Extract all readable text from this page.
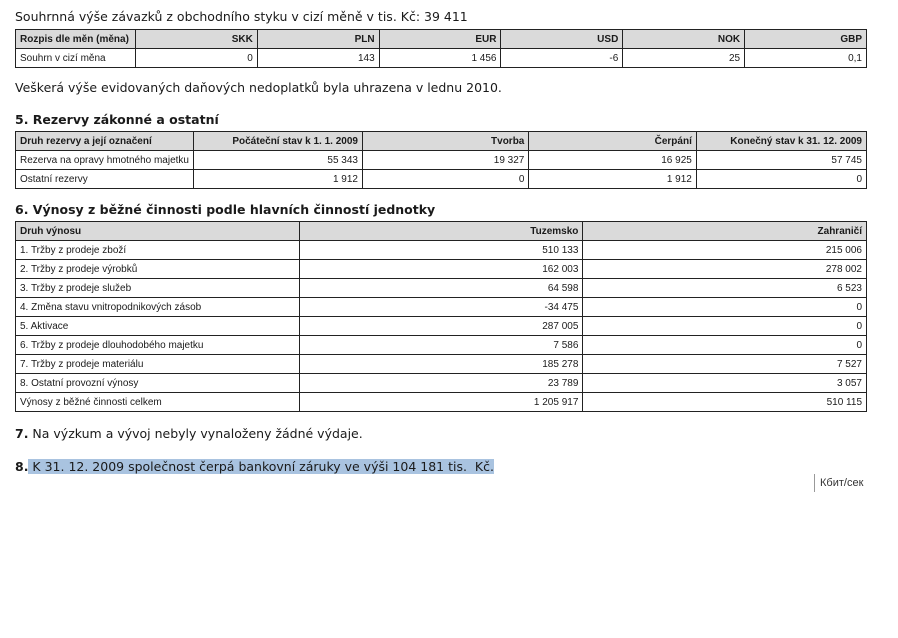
Souhrnná výše závazků z obchodního styku v cizí měně v tis. Kč: 39 411
Rozpis dle měn (měna)	SKK	PLN	EUR	USD	NOK	GBP
Souhrn v cizí měna	0	143	1 456	-6	25	0,1
Veškerá výše evidovaných daňových nedoplatků byla uhrazena v lednu 2010.
5. Rezervy zákonné a ostatní
Druh rezervy a její označení	Počáteční stav k 1. 1. 2009	Tvorba	Čerpání	Konečný stav k 31. 12. 2009
Rezerva na opravy hmotného majetku	55 343	19 327	16 925	57 745
Ostatní rezervy	1 912	0	1 912	0
6. Výnosy z běžné činnosti podle hlavních činností jednotky
Druh výnosu	Tuzemsko	Zahraničí
1. Tržby z prodeje zboží	510 133	215 006
2. Tržby z prodeje výrobků	162 003	278 002
3. Tržby z prodeje služeb	64 598	6 523
4. Změna stavu vnitropodnikových zásob	-34 475	0
5. Aktivace	287 005	0
6. Tržby z prodeje dlouhodobého majetku	7 586	0
7. Tržby z prodeje materiálu	185 278	7 527
8. Ostatní provozní výnosy	23 789	3 057
Výnosy z běžné činnosti celkem	1 205 917	510 115
7. Na výzkum a vývoj nebyly vynaloženy žádné výdaje.
8. K 31. 12. 2009 společnost čerpá bankovní záruky ve výši 104 181 tis.  Kč.
Кбит/сек
